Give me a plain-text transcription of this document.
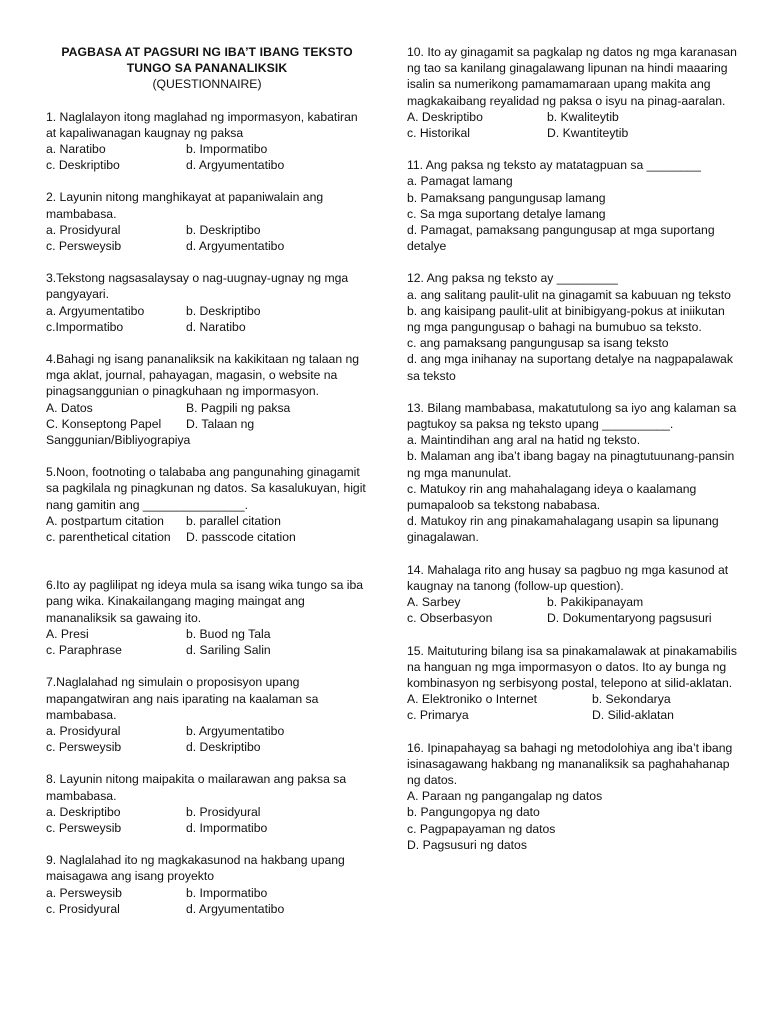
PAGBASA AT PAGSURI NG IBA’T IBANG TEKSTO
TUNGO SA PANANALIKSIK
(QUESTIONNAIRE)
1. Naglalayon itong maglahad ng impormasyon, kabatiran at kapaliwanagan kaugnay ng paksa
a. Naratibo	b. Impormatibo
c. Deskriptibo	d. Argyumentatibo
2. Layunin nitong manghikayat at papaniwalain ang mambabasa.
a. Prosidyural	b. Deskriptibo
c. Persweysib	d. Argyumentatibo
3.Tekstong nagsasalaysay o nag-uugnay-ugnay ng mga pangyayari.
a. Argyumentatibo	b. Deskriptibo
c.Impormatibo	d. Naratibo
4.Bahagi ng isang pananaliksik na kakikitaan ng talaan ng mga aklat, journal, pahayagan, magasin, o website na pinagsanggunian o pinagkuhaan ng impormasyon.
A. Datos	B. Pagpili ng paksa
C. Konseptong Papel	D. Talaan ng
Sanggunian/Bibliyograpiya
5.Noon, footnoting o talababa ang pangunahing ginagamit sa pagkilala ng pinagkunan ng datos. Sa kasalukuyan, higit nang gamitin ang _______________.
A. postpartum citation	b. parallel citation
c. parenthetical citation	D. passcode citation
6.Ito ay paglilipat ng ideya mula sa isang wika tungo sa iba pang wika. Kinakailangang maging maingat ang mananaliksik sa gawaing ito.
A. Presi	b. Buod ng Tala
c. Paraphrase	d. Sariling Salin
7.Naglalahad ng simulain o proposisyon upang mapangatwiran ang nais iparating na kaalaman sa mambabasa.
a. Prosidyural	b. Argyumentatibo
c. Persweysib	d. Deskriptibo
8. Layunin nitong maipakita o mailarawan ang paksa sa mambabasa.
a. Deskriptibo	b. Prosidyural
c. Persweysib	d. Impormatibo
9. Naglalahad ito ng magkakasunod na hakbang upang maisagawa ang isang proyekto
a. Persweysib	b. Impormatibo
c. Prosidyural	d. Argyumentatibo
10. Ito ay ginagamit sa pagkalap ng datos ng mga karanasan ng tao sa kanilang ginagalawang lipunan na hindi maaaring isalin sa numerikong pamamamaraan upang makita ang magkakaibang reyalidad ng paksa o isyu na pinag-aaralan.
A. Deskriptibo	b. Kwaliteytib
c. Historikal	D. Kwantiteytib
11. Ang paksa ng teksto ay matatagpuan sa ________
a. Pamagat lamang
b. Pamaksang pangungusap lamang
c. Sa mga suportang detalye lamang
d. Pamagat, pamaksang pangungusap at mga suportang detalye
12. Ang paksa ng teksto ay _________
a. ang salitang paulit-ulit na ginagamit sa kabuuan ng teksto
b. ang kaisipang paulit-ulit at binibigyang-pokus at iniikutan ng mga pangungusap o bahagi na bumubuo sa teksto.
c. ang pamaksang pangungusap sa isang teksto
d. ang mga inihanay na suportang detalye na nagpapalawak sa teksto
13. Bilang mambabasa, makatutulong sa iyo ang kalaman sa pagtukoy sa paksa ng teksto upang __________.
a. Maintindihan ang aral na hatid ng teksto.
b. Malaman ang iba’t ibang bagay na pinagtutuunang-pansin ng mga manunulat.
c. Matukoy rin ang mahahalagang ideya o kaalamang pumapaloob sa tekstong nababasa.
d. Matukoy rin ang pinakamahalagang usapin sa lipunang ginagalawan.
14. Mahalaga rito ang husay sa pagbuo ng mga kasunod at kaugnay na tanong (follow-up question).
A. Sarbey	b. Pakikipanayam
c. Obserbasyon	D. Dokumentaryong pagsusuri
15. Maituturing bilang isa sa pinakamalawak at pinakamabilis na hanguan ng mga impormasyon o datos. Ito ay bunga ng kombinasyon ng serbisyong postal, telepono at silid-aklatan.
A. Elektroniko o Internet	b. Sekondarya
c. Primarya	D. Silid-aklatan
16. Ipinapahayag sa bahagi ng metodolohiya ang iba’t ibang isinasagawang hakbang ng mananaliksik sa paghahahanap ng datos.
A. Paraan ng pangangalap ng datos
b. Pangungopya ng dato
c. Pagpapayaman ng datos
D. Pagsusuri ng datos
